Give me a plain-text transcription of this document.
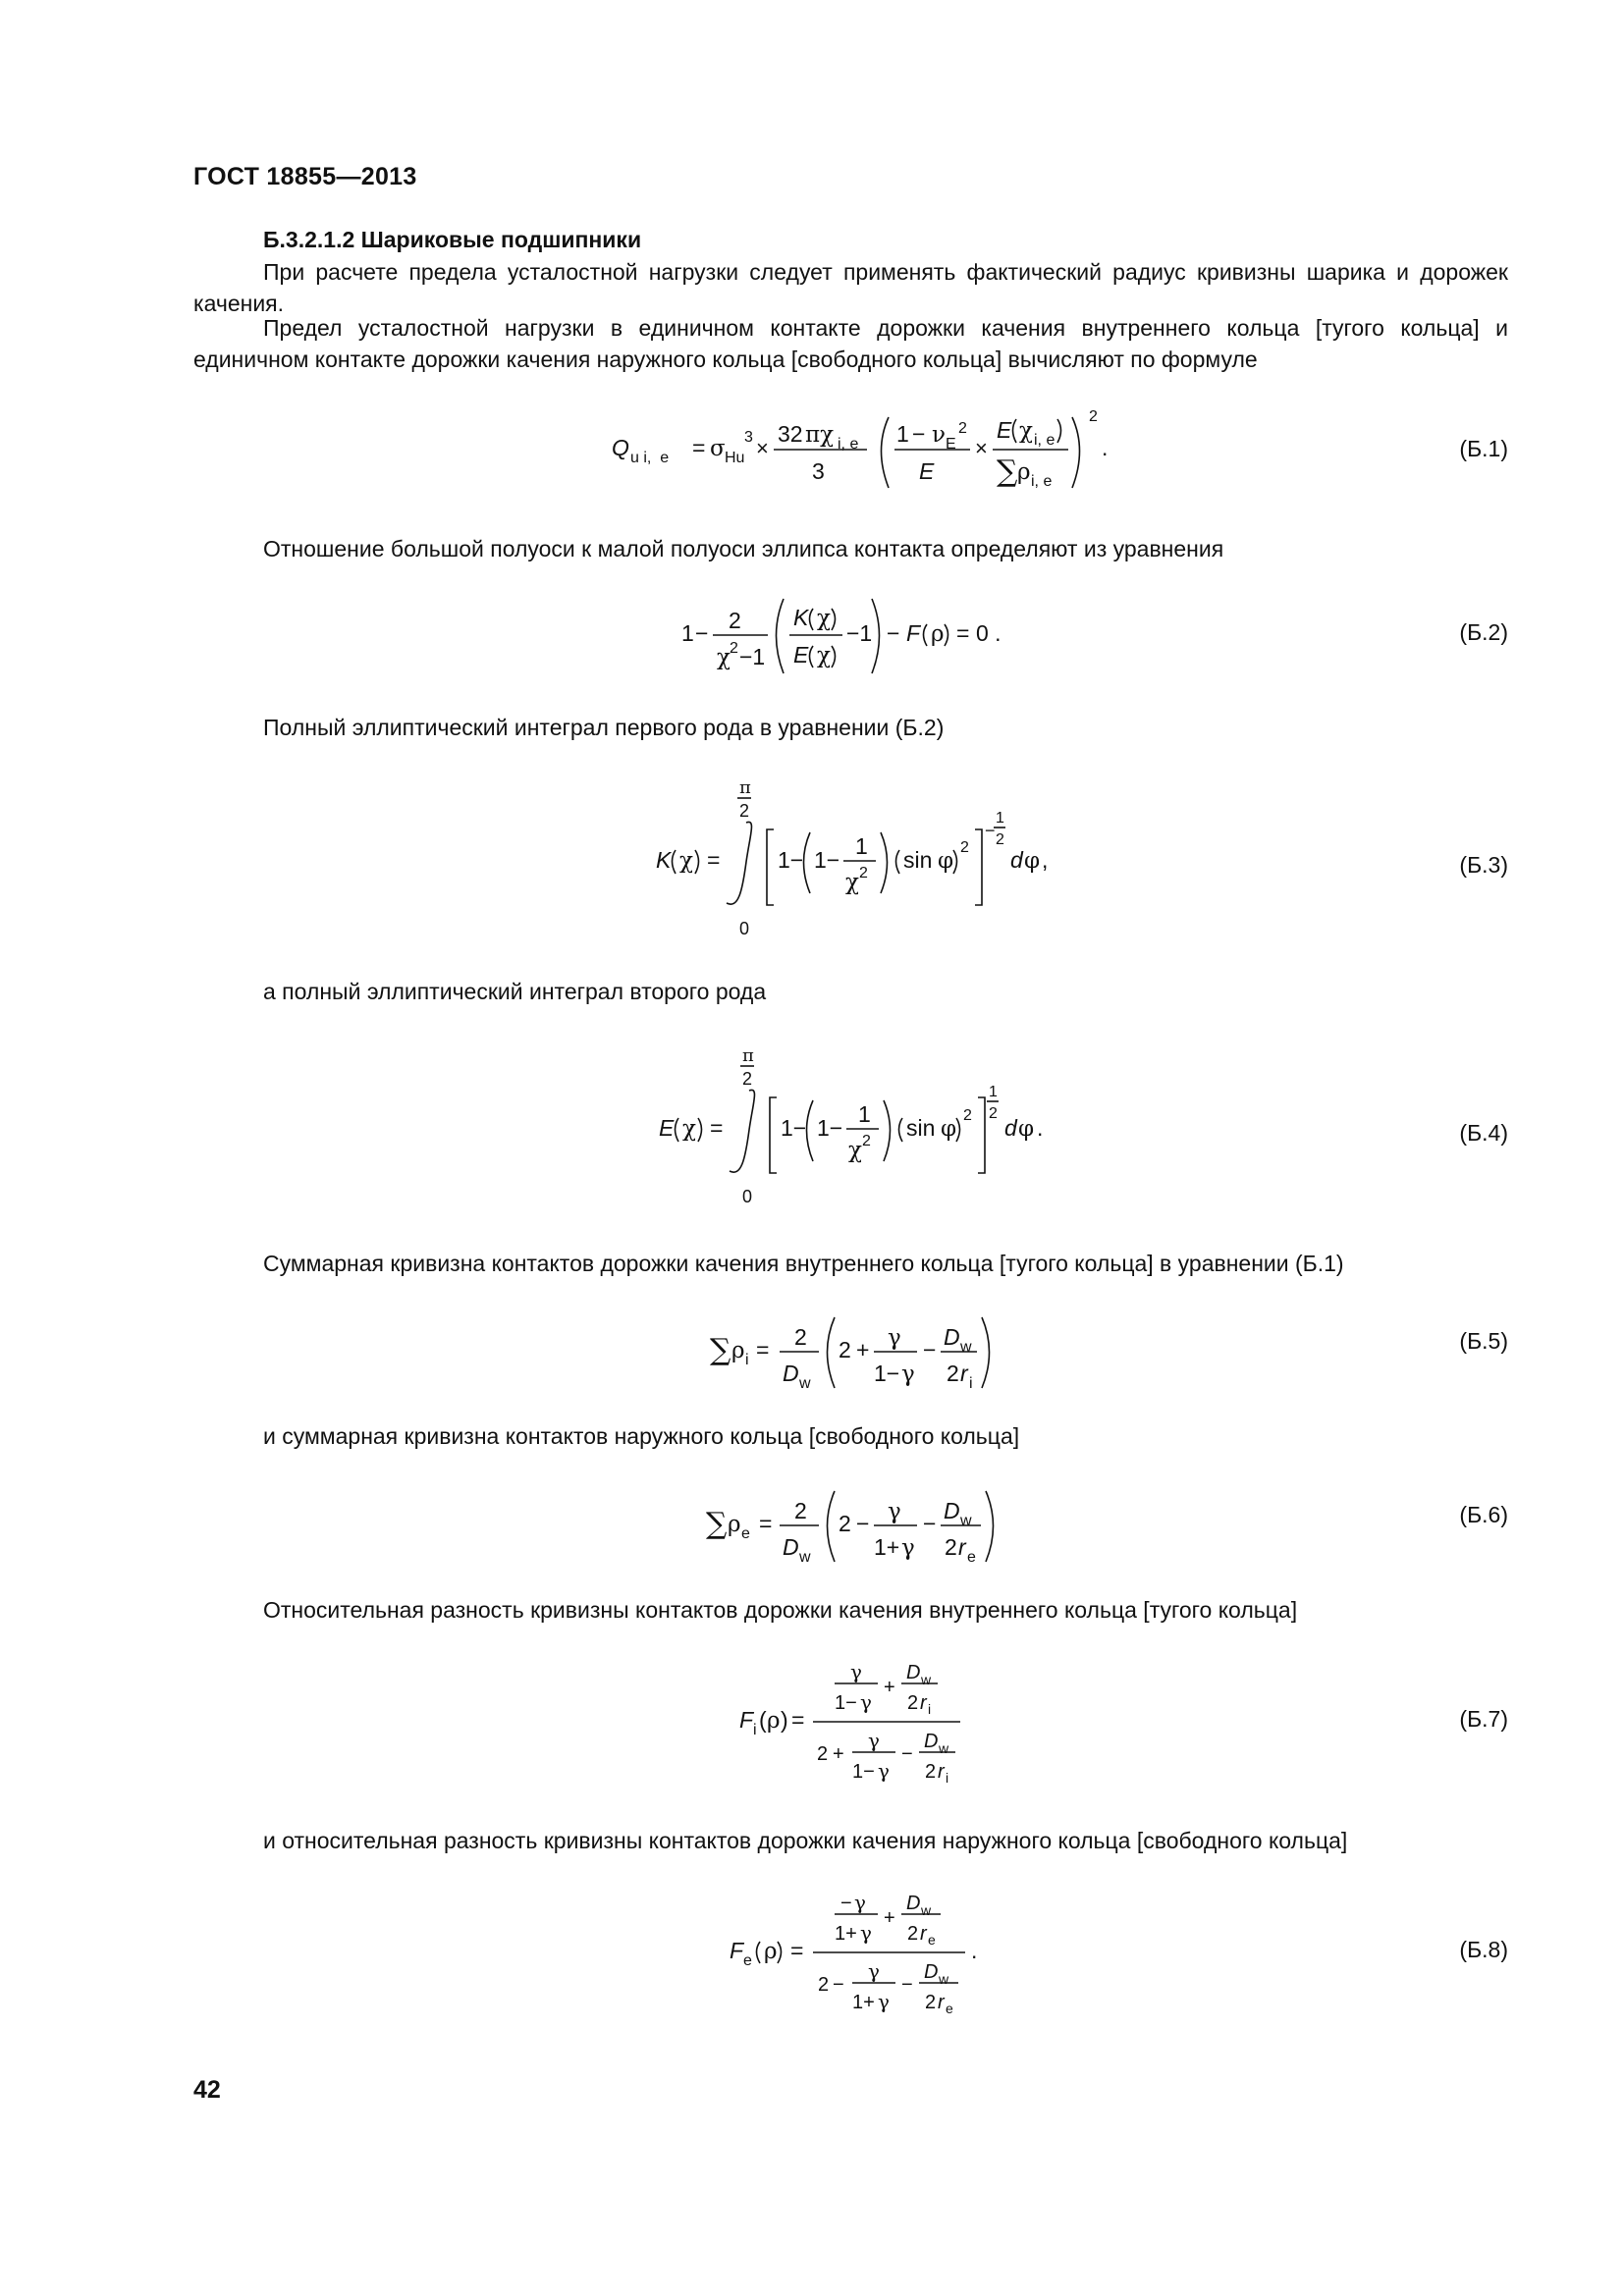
ГОСТ 18855—2013
Б.3.2.1.2 Шариковые подшипники
При расчете предела усталостной нагрузки следует применять фактический радиус кривизны шарика и дорожек качения.
Предел усталостной нагрузки в единичном контакте дорожки качения внутреннего кольца [тугого кольца] и единичном контакте дорожки качения наружного кольца [свободного кольца] вычисляют по формуле
Q u i,  e = σ Hu
3 ×
32 πχ i, e
3
1 − ν E
2
E
×
E χ i, e
∑ ρ i, e
2
.	(Б.1)
Отношение большой полуоси к малой полуоси эллипса контакта определяют из уравнения
1 − 2
χ 2 −1
K χ
E χ
−1 − F ρ = 0 .	(Б.2)
Полный эллиптический интеграл первого рода в уравнении (Б.2)
K χ =
π
2
0
1− 1−
1
χ 2
sin φ
2
−
1
2
d φ ,	(Б.3)
а полный эллиптический интеграл второго рода
E χ =
π
2
0
1− 1−
1
χ 2
sin φ
2
1
2
d φ .	(Б.4)
Суммарная кривизна контактов дорожки качения внутреннего кольца [тугого кольца] в уравнении (Б.1)
∑ ρ i = 2
D w
2 + γ
1− γ
− D w
2 r i
(Б.5)
и суммарная кривизна контактов наружного кольца [свободного кольца]
∑ ρ e = 2
D w
2 − γ
1+ γ
− D w
2 r e
(Б.6)
Относительная разность кривизны контактов дорожки качения внутреннего кольца [тугого кольца]
F i ( ρ ) =
γ
1− γ
+
D w
2 r i
2 +
γ
1− γ
−
D w
2 r i
(Б.7)
и относительная разность кривизны контактов дорожки качения наружного кольца [свободного кольца]
F e ρ =
− γ
1+ γ
+
D w
2 r e
2 −
γ
1+ γ
−
D w
2 r e
.	(Б.8)
42
